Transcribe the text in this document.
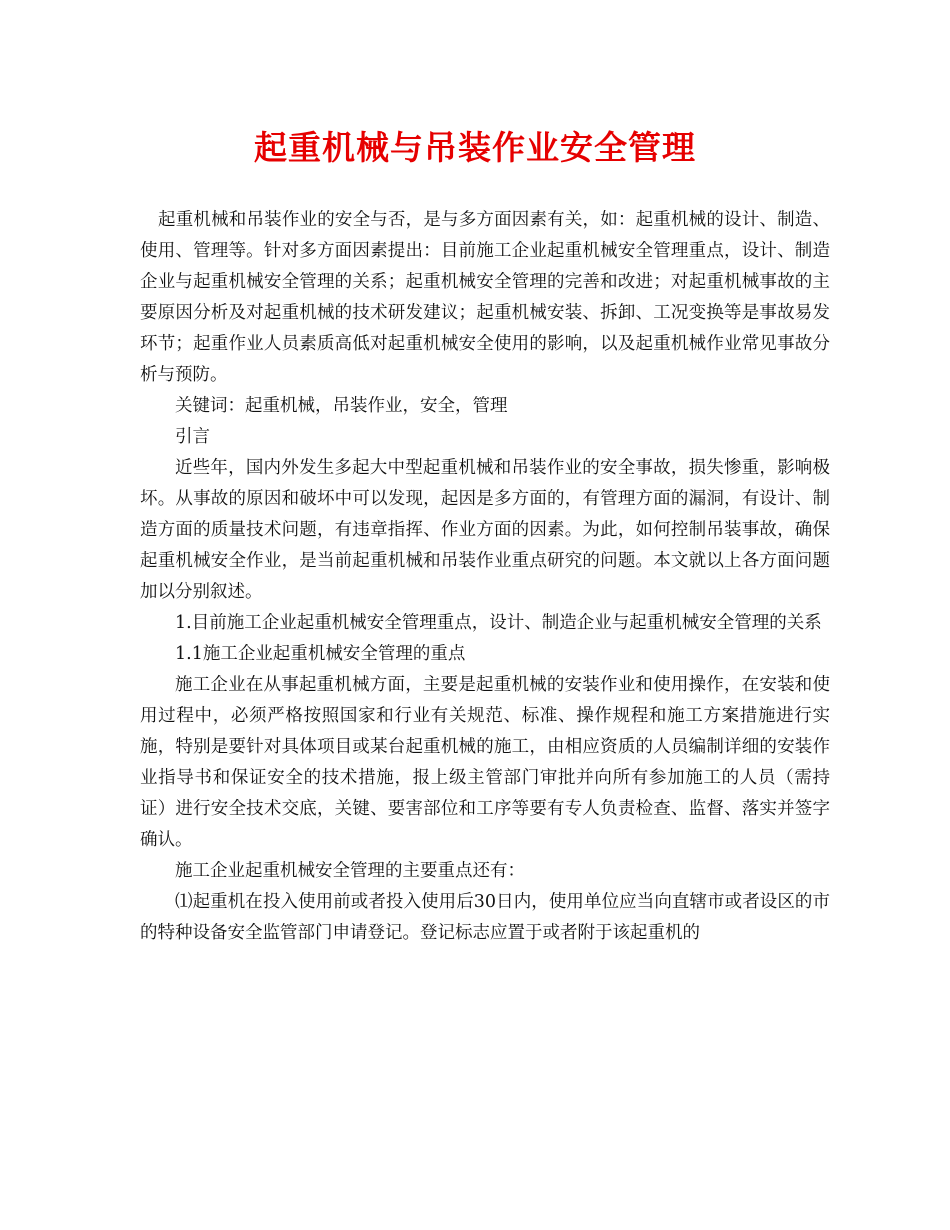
起重机械与吊装作业安全管理

起重机械和吊装作业的安全与否，是与多方面因素有关，如：起重机械的设计、制造、使用、管理等。针对多方面因素提出：目前施工企业起重机械安全管理重点，设计、制造企业与起重机械安全管理的关系；起重机械安全管理的完善和改进；对起重机械事故的主要原因分析及对起重机械的技术研发建议；起重机械安装、拆卸、工况变换等是事故易发环节；起重作业人员素质高低对起重机械安全使用的影响，以及起重机械作业常见事故分析与预防。

关键词：起重机械，吊装作业，安全，管理

引言

近些年，国内外发生多起大中型起重机械和吊装作业的安全事故，损失惨重，影响极坏。从事故的原因和破坏中可以发现，起因是多方面的，有管理方面的漏洞，有设计、制造方面的质量技术问题，有违章指挥、作业方面的因素。为此，如何控制吊装事故，确保起重机械安全作业，是当前起重机械和吊装作业重点研究的问题。本文就以上各方面问题加以分别叙述。

1.目前施工企业起重机械安全管理重点，设计、制造企业与起重机械安全管理的关系

1.1施工企业起重机械安全管理的重点

施工企业在从事起重机械方面，主要是起重机械的安装作业和使用操作，在安装和使用过程中，必须严格按照国家和行业有关规范、标准、操作规程和施工方案措施进行实施，特别是要针对具体项目或某台起重机械的施工，由相应资质的人员编制详细的安装作业指导书和保证安全的技术措施，报上级主管部门审批并向所有参加施工的人员（需持证）进行安全技术交底，关键、要害部位和工序等要有专人负责检查、监督、落实并签字确认。

施工企业起重机械安全管理的主要重点还有：

⑴起重机在投入使用前或者投入使用后30日内，使用单位应当向直辖市或者设区的市的特种设备安全监管部门申请登记。登记标志应置于或者附于该起重机的
